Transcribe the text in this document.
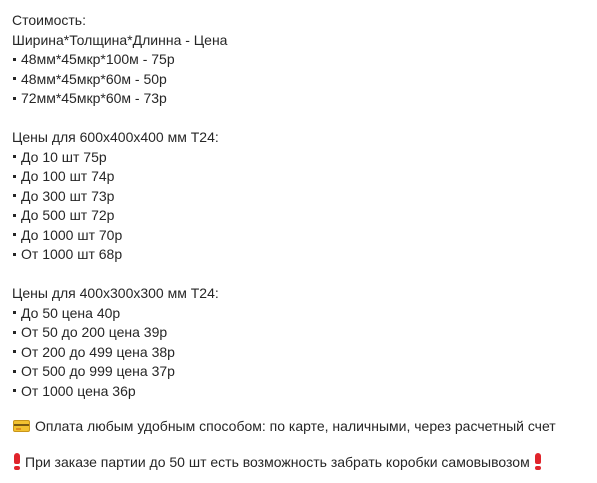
Стоимость:
Ширина*Толщина*Длинна - Цена
48мм*45мкр*100м - 75р
48мм*45мкр*60м - 50р
72мм*45мкр*60м - 73р
Цены для 600х400х400 мм Т24:
До 10 шт 75р
До 100 шт 74р
До 300 шт 73р
До 500 шт 72р
До 1000 шт 70р
От 1000 шт 68р
Цены для 400х300х300 мм Т24:
До 50 цена 40р
От 50 до 200 цена 39р
От 200 до 499 цена 38р
От 500 до 999 цена 37р
От 1000 цена 36р
Оплата любым удобным способом: по карте, наличными, через расчетный счет
При заказе партии до 50 шт есть возможность забрать коробки самовывозом
